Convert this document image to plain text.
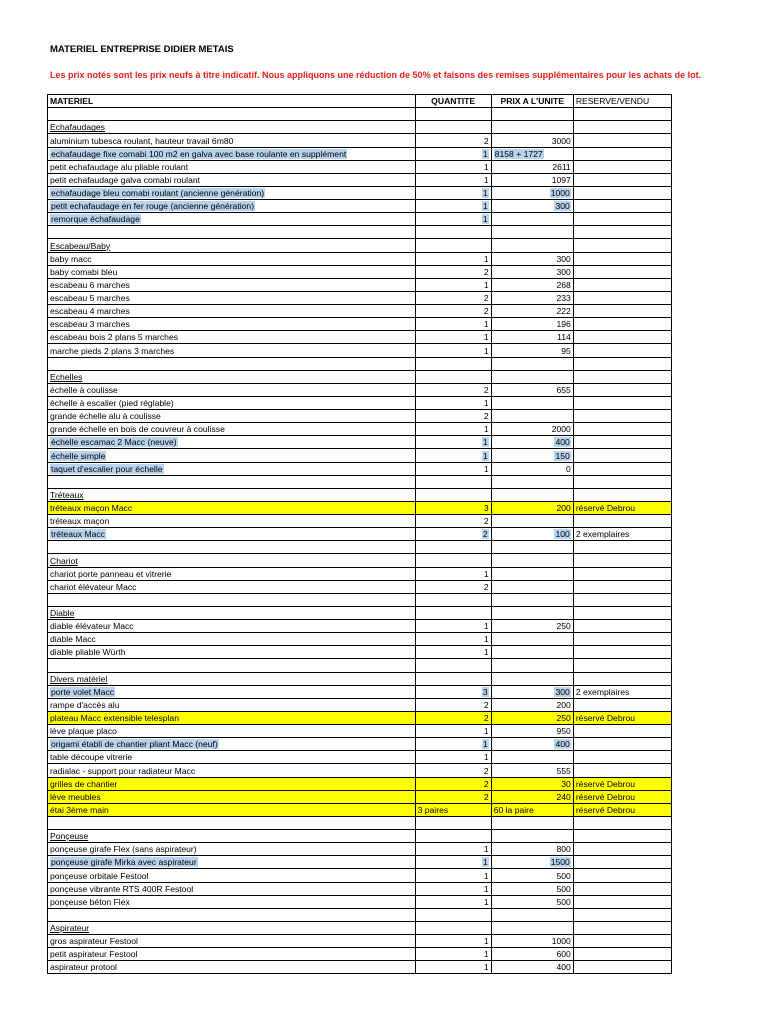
MATERIEL ENTREPRISE DIDIER METAIS
Les prix notés sont les prix neufs à titre indicatif. Nous appliquons une réduction de 50% et faisons des remises supplémentaires pour les achats de lot.
MATERIEL	QUANTITE	PRIX A L'UNITE	RESERVE/VENDU

Echafaudages			
aluminium tubesca roulant, hauteur travail 6m80	2	3000	
echafaudage fixe comabi 100 m2 en galva avec base roulante en supplément	1	8158 + 1727	
petit echafaudage alu pliable roulant	1	2611	
petit echafaudage galva comabi roulant	1	1097	
echafaudage bleu comabi roulant (ancienne génération)	1	1000	
petit echafaudage en fer rouge (ancienne génération)	1	300	
remorque échafaudage	1		

Escabeau/Baby			
baby macc	1	300	
baby comabi bleu	2	300	
escabeau 6 marches	1	268	
escabeau 5 marches	2	233	
escabeau 4 marches	2	222	
escabeau 3 marches	1	196	
escabeau bois 2 plans 5 marches	1	114	
marche pieds 2 plans 3 marches	1	95	

Echelles			
échelle à coulisse	2	655	
échelle à escalier (pied réglable)	1		
grande échelle alu à coulisse	2		
grande échelle en bois de couvreur à coulisse	1	2000	
échelle escamac 2 Macc (neuve)	1	400	
échelle simple	1	150	
taquet d'escalier pour échelle	1	0	

Tréteaux			
tréteaux maçon Macc	3	200	réservé Debrou
tréteaux maçon	2		
tréteaux Macc	2	100	2 exemplaires

Chariot			
chariot porte panneau et vitrerie	1		
chariot élévateur Macc	2		

Diable			
diable élévateur Macc	1	250	
diable Macc	1		
diable pliable Würth	1		

Divers matériel			
porte volet Macc	3	300	2 exemplaires
rampe d'accès alu	2	200	
plateau Macc extensible telesplan	2	250	réservé Debrou
lève plaque placo	1	950	
origami établi de chantier pliant Macc (neuf)	1	400	
table découpe vitrerie	1		
radialac - support pour radiateur Macc	2	555	
grilles de chantier	2	30	réservé Debrou
lève meubles	2	240	réservé Debrou
étai 3ème main	3 paires	60 la paire	réservé Debrou

Ponçeuse			
ponçeuse girafe Flex (sans aspirateur)	1	800	
ponçeuse girafe Mirka avec aspirateur	1	1500	
ponçeuse orbitale Festool	1	500	
ponçeuse vibrante RTS 400R Festool	1	500	
ponçeuse béton Flex	1	500	

Aspirateur			
gros aspirateur Festool	1	1000	
petit aspirateur Festool	1	600	
aspirateur protool	1	400	
